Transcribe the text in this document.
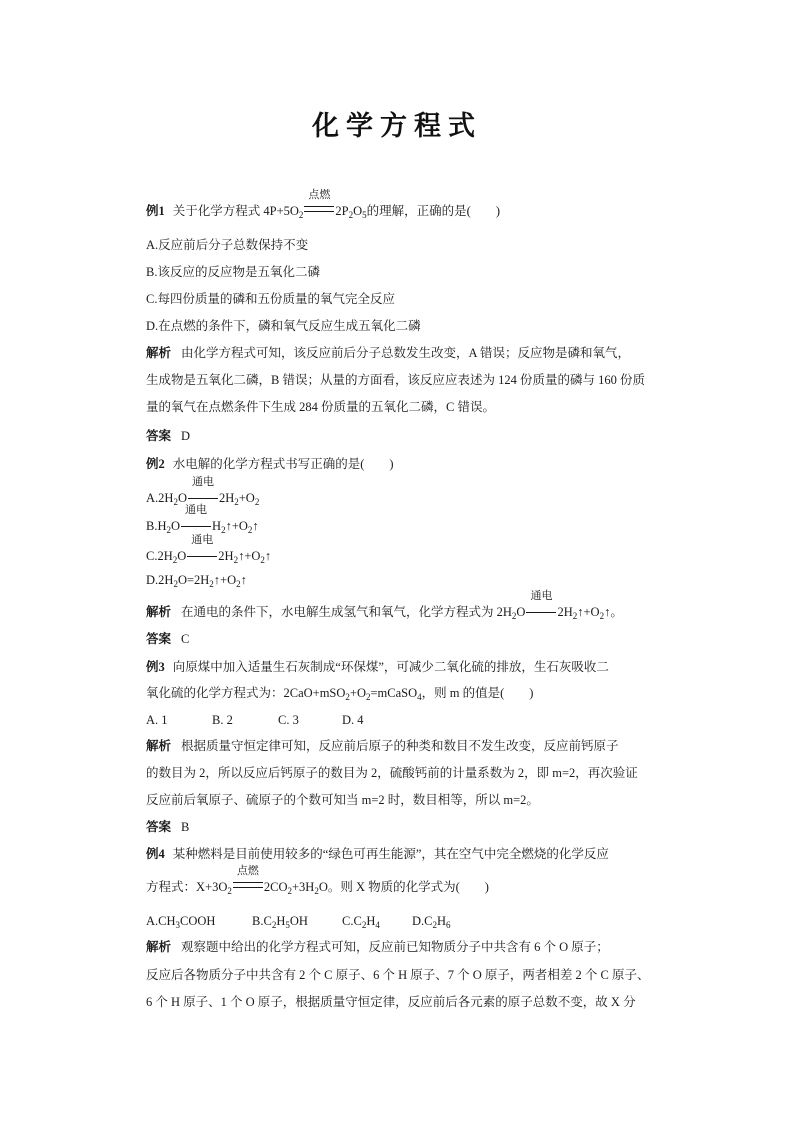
化学方程式
例1 关于化学方程式 $4P+5O_2$
点燃
$2P_2O_5$的理解，正确的是(　　)
A.反应前后分子总数保持不变
B.该反应的反应物是五氧化二磷
C.每四份质量的磷和五份质量的氧气完全反应
D.在点燃的条件下，磷和氧气反应生成五氧化二磷
解析 由化学方程式可知，该反应前后分子总数发生改变，A 错误；反应物是磷和氧气，
生成物是五氧化二磷，B 错误；从量的方面看，该反应应表述为 124 份质量的磷与 160 份质
量的氧气在点燃条件下生成 284 份质量的五氧化二磷，C 错误。
答案 D
例2 水电解的化学方程式书写正确的是(　　)
$A.2H_2O$
通电
$2H_2+O_2$
$B.H_2O$
通电
$H_2↑+O_2↑$
$C.2H_2O$
通电
$2H_2↑+O_2↑$
$D.2H_2O=2H_2↑+O_2↑$
解析 在通电的条件下，水电解生成氢气和氧气，化学方程式为 $2H_2O$
通电
$2H_2↑+O_2↑$。
答案 C
例3 向原煤中加入适量生石灰制成“环保煤”，可减少二氧化硫的排放，生石灰吸收二
氧化硫的化学方程式为：$2CaO+mSO_2+O_2=mCaSO_4$，则 m 的值是(　　)
A. 1	B. 2	C. 3	D. 4
解析 根据质量守恒定律可知，反应前后原子的种类和数目不发生改变，反应前钙原子
的数目为 2，所以反应后钙原子的数目为 2，硫酸钙前的计量系数为 2，即 m=2，再次验证
反应前后氧原子、硫原子的个数可知当 m=2 时，数目相等，所以 m=2。
答案 B
例4 某种燃料是目前使用较多的“绿色可再生能源”，其在空气中完全燃烧的化学反应
方程式：$X+3O_2$
点燃
$2CO_2+3H_2O$。则 X 物质的化学式为(　　)
$A.CH_3COOH$	$B.C_2H_5OH$	$C.C_2H_4$	$D.C_2H_6$
解析 观察题中给出的化学方程式可知，反应前已知物质分子中共含有 6 个 O 原子；
反应后各物质分子中共含有 2 个 C 原子、6 个 H 原子、7 个 O 原子，两者相差 2 个 C 原子、
6 个 H 原子、1 个 O 原子，根据质量守恒定律，反应前后各元素的原子总数不变，故 X 分
